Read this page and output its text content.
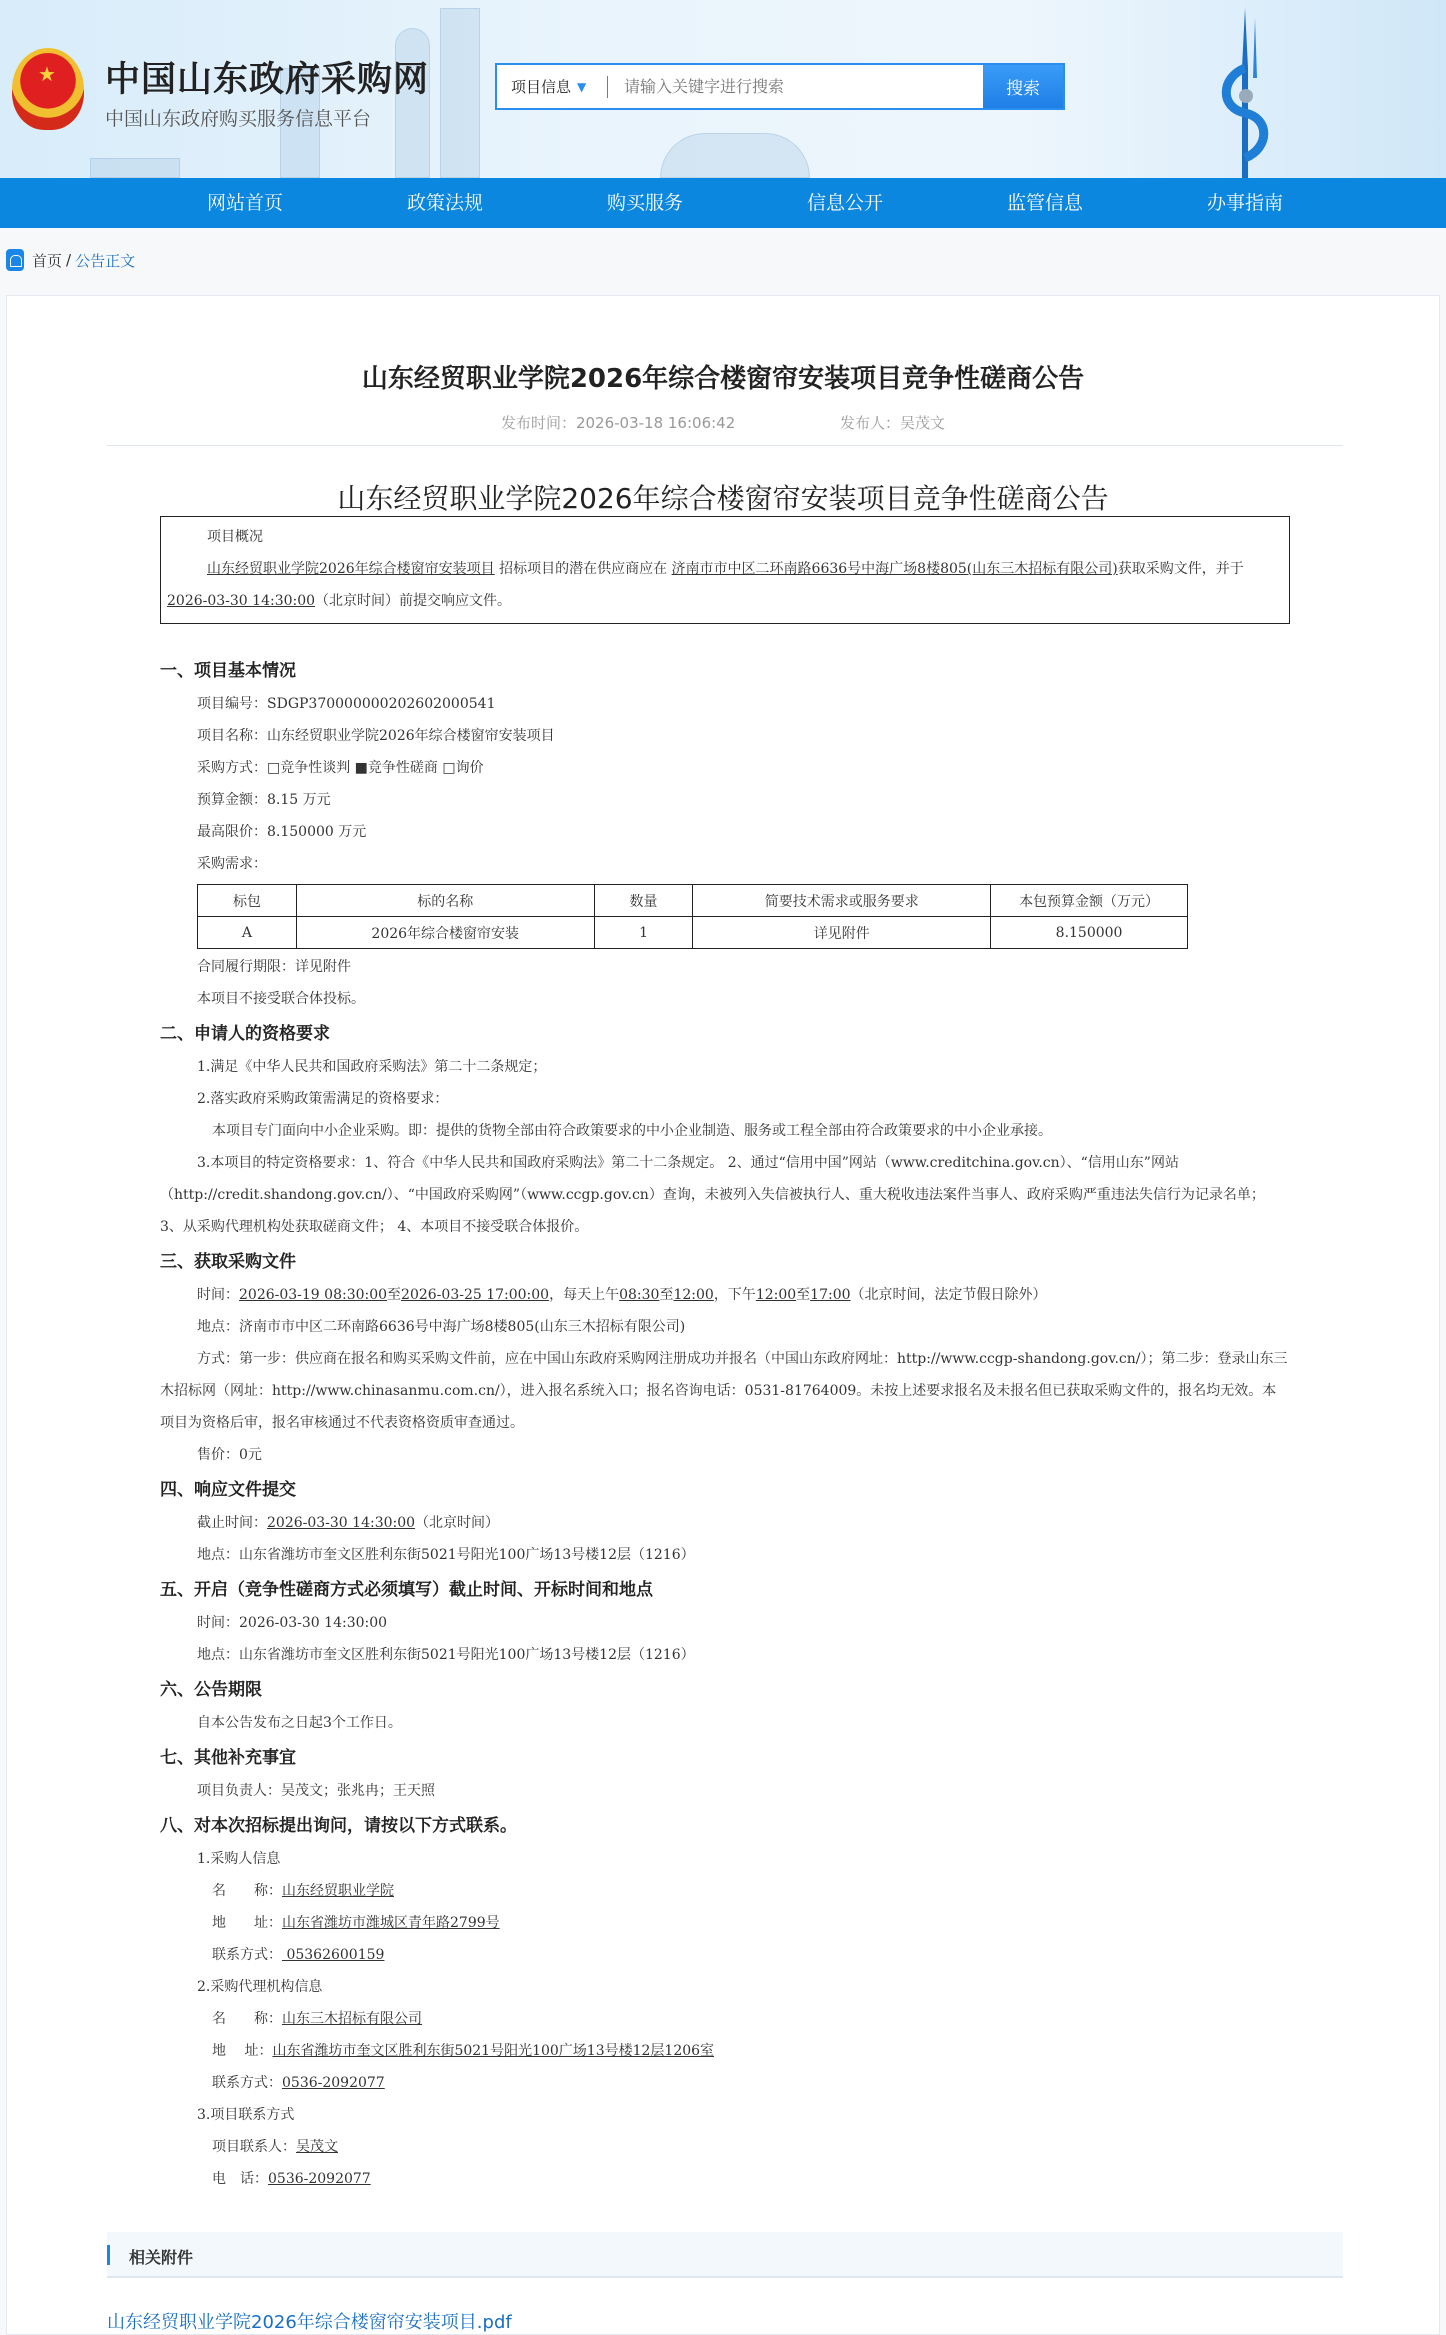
★ 中国山东政府采购网
中国山东政府购买服务信息平台
项目信息 ▼
请输入关键字进行搜索	搜索
网站首页	政策法规	购买服务	信息公开	监管信息	办事指南
首页 / 公告正文
山东经贸职业学院2026年综合楼窗帘安装项目竞争性磋商公告
发布时间：2026-03-18 16:06:42	发布人：吴茂文
山东经贸职业学院2026年综合楼窗帘安装项目竞争性磋商公告
项目概况

山东经贸职业学院2026年综合楼窗帘安装项目 招标项目的潜在供应商应在 济南市市中区二环南路6636号中海广场8楼805(山东三木招标有限公司)获取采购文件，并于2026-03-30 14:30:00（北京时间）前提交响应文件。

一、项目基本情况
项目编号：SDGP370000000202602000541
项目名称：山东经贸职业学院2026年综合楼窗帘安装项目
采购方式：□竞争性谈判 ■竞争性磋商 □询价
预算金额：8.15 万元
最高限价：8.150000 万元
采购需求：
标包	标的名称	数量	简要技术需求或服务要求	本包预算金额（万元）
A	2026年综合楼窗帘安装	1	详见附件	8.150000
合同履行期限：详见附件
本项目不接受联合体投标。
二、申请人的资格要求
1.满足《中华人民共和国政府采购法》第二十二条规定；
2.落实政府采购政策需满足的资格要求：
本项目专门面向中小企业采购。即：提供的货物全部由符合政策要求的中小企业制造、服务或工程全部由符合政策要求的中小企业承接。
3.本项目的特定资格要求：1、符合《中华人民共和国政府采购法》第二十二条规定。 2、通过“信用中国”网站（www.creditchina.gov.cn）、“信用山东”网站（http://credit.shandong.gov.cn/）、“中国政府采购网”（www.ccgp.gov.cn）查询，未被列入失信被执行人、重大税收违法案件当事人、政府采购严重违法失信行为记录名单； 3、从采购代理机构处获取磋商文件； 4、本项目不接受联合体报价。
三、获取采购文件
时间：2026-03-19 08:30:00至2026-03-25 17:00:00，每天上午08:30至12:00，下午12:00至17:00（北京时间，法定节假日除外）
地点：济南市市中区二环南路6636号中海广场8楼805(山东三木招标有限公司)
方式：第一步：供应商在报名和购买采购文件前，应在中国山东政府采购网注册成功并报名（中国山东政府网址：http://www.ccgp-shandong.gov.cn/）；第二步：登录山东三木招标网（网址：http://www.chinasanmu.com.cn/），进入报名系统入口；报名咨询电话：0531-81764009。未按上述要求报名及未报名但已获取采购文件的，报名均无效。本项目为资格后审，报名审核通过不代表资格资质审查通过。
售价：0元
四、响应文件提交
截止时间：2026-03-30 14:30:00（北京时间）
地点：山东省潍坊市奎文区胜利东街5021号阳光100广场13号楼12层（1216）
五、开启（竞争性磋商方式必须填写）截止时间、开标时间和地点
时间：2026-03-30 14:30:00
地点：山东省潍坊市奎文区胜利东街5021号阳光100广场13号楼12层（1216）
六、公告期限
自本公告发布之日起3个工作日。
七、其他补充事宜
项目负责人：吴茂文；张兆冉；王天照
八、对本次招标提出询问，请按以下方式联系。
1.采购人信息
名　　称：山东经贸职业学院
地　　址：山东省潍坊市潍城区青年路2799号
联系方式： 05362600159
2.采购代理机构信息
名　　称：山东三木招标有限公司
地　 址：山东省潍坊市奎文区胜利东街5021号阳光100广场13号楼12层1206室
联系方式：0536-2092077
3.项目联系方式
项目联系人：吴茂文
电　话：0536-2092077
相关附件
山东经贸职业学院2026年综合楼窗帘安装项目.pdf
